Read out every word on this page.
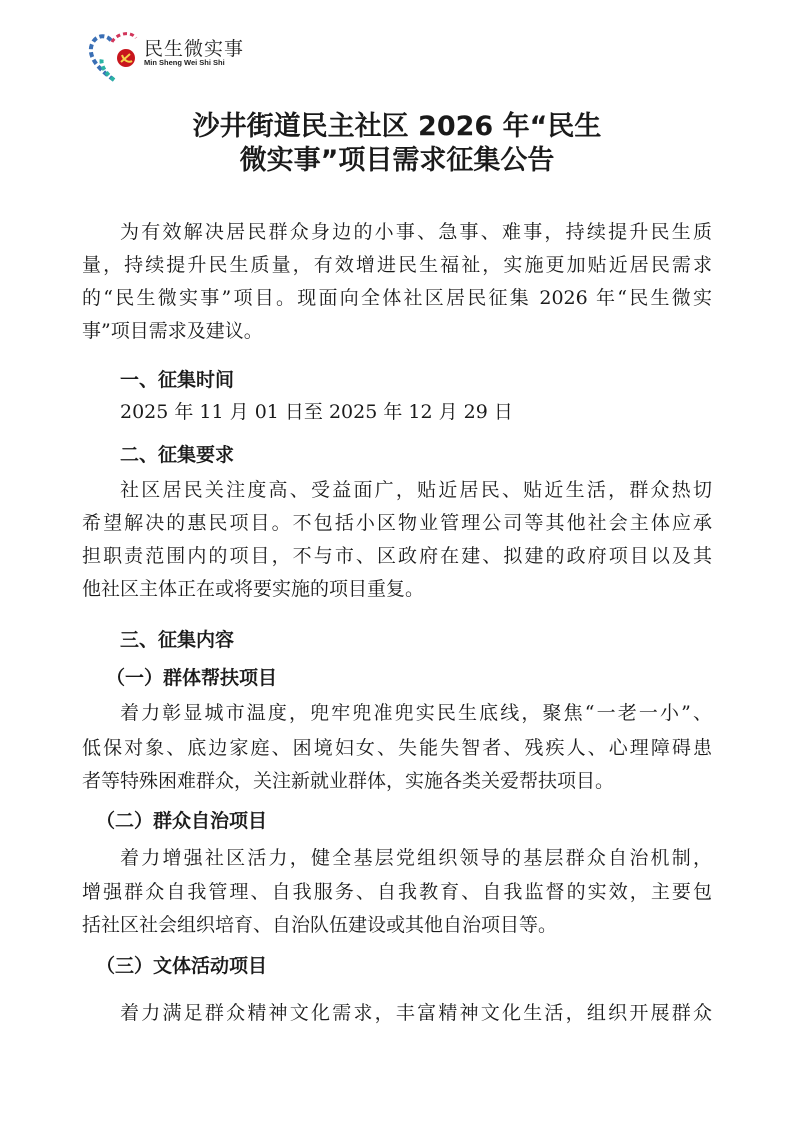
民生微实事
Min Sheng Wei Shi Shi
沙井街道民主社区 2026 年“民生
微实事”项目需求征集公告
为有效解决居民群众身边的小事、急事、难事，持续提升民生质
量，持续提升民生质量，有效增进民生福祉，实施更加贴近居民需求
的“民生微实事”项目。现面向全体社区居民征集 2026 年“民生微实
事”项目需求及建议。
一、征集时间
2025 年 11 月 01 日至 2025 年 12 月 29 日
二、征集要求
社区居民关注度高、受益面广，贴近居民、贴近生活，群众热切
希望解决的惠民项目。不包括小区物业管理公司等其他社会主体应承
担职责范围内的项目，不与市、区政府在建、拟建的政府项目以及其
他社区主体正在或将要实施的项目重复。
三、征集内容
（一）群体帮扶项目
着力彰显城市温度，兜牢兜准兜实民生底线，聚焦“一老一小”、
低保对象、底边家庭、困境妇女、失能失智者、残疾人、心理障碍患
者等特殊困难群众，关注新就业群体，实施各类关爱帮扶项目。
（二）群众自治项目
着力增强社区活力，健全基层党组织领导的基层群众自治机制，
增强群众自我管理、自我服务、自我教育、自我监督的实效，主要包
括社区社会组织培育、自治队伍建设或其他自治项目等。
（三）文体活动项目
着力满足群众精神文化需求，丰富精神文化生活，组织开展群众
